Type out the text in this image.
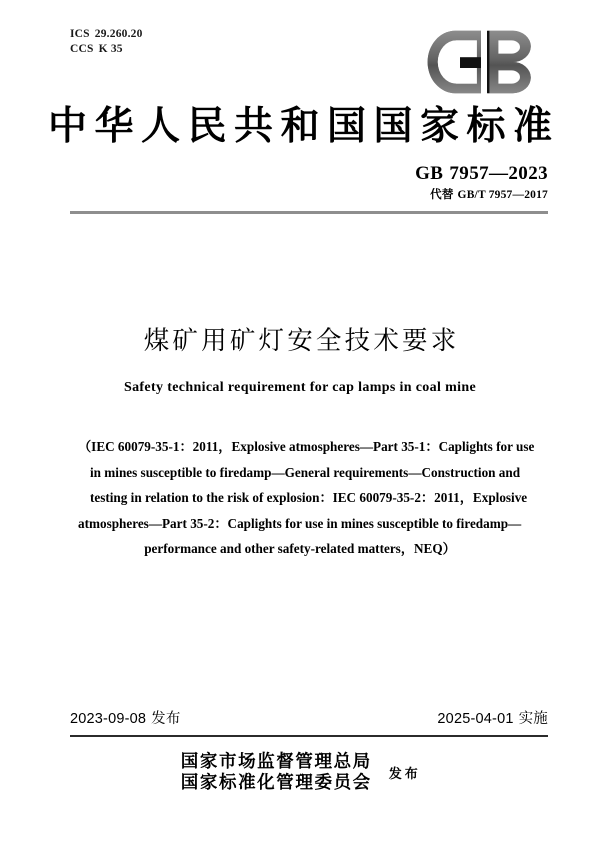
ICS 29.260.20
CCS K 35
中华人民共和国国家标准
GB 7957—2023
代替 GB/T 7957—2017
煤矿用矿灯安全技术要求
Safety technical requirement for cap lamps in coal mine
（IEC 60079-35-1：2011，Explosive atmospheres—Part 35-1：Caplights for use
in mines susceptible to firedamp—General requirements—Construction and
testing in relation to the risk of explosion：IEC 60079-35-2：2011，Explosive
atmospheres—Part 35-2：Caplights for use in mines susceptible to firedamp—
performance and other safety-related matters，NEQ）
2023-09-08 发布	2025-04-01 实施
国家市场监督管理总局
国家标准化管理委员会 发布
